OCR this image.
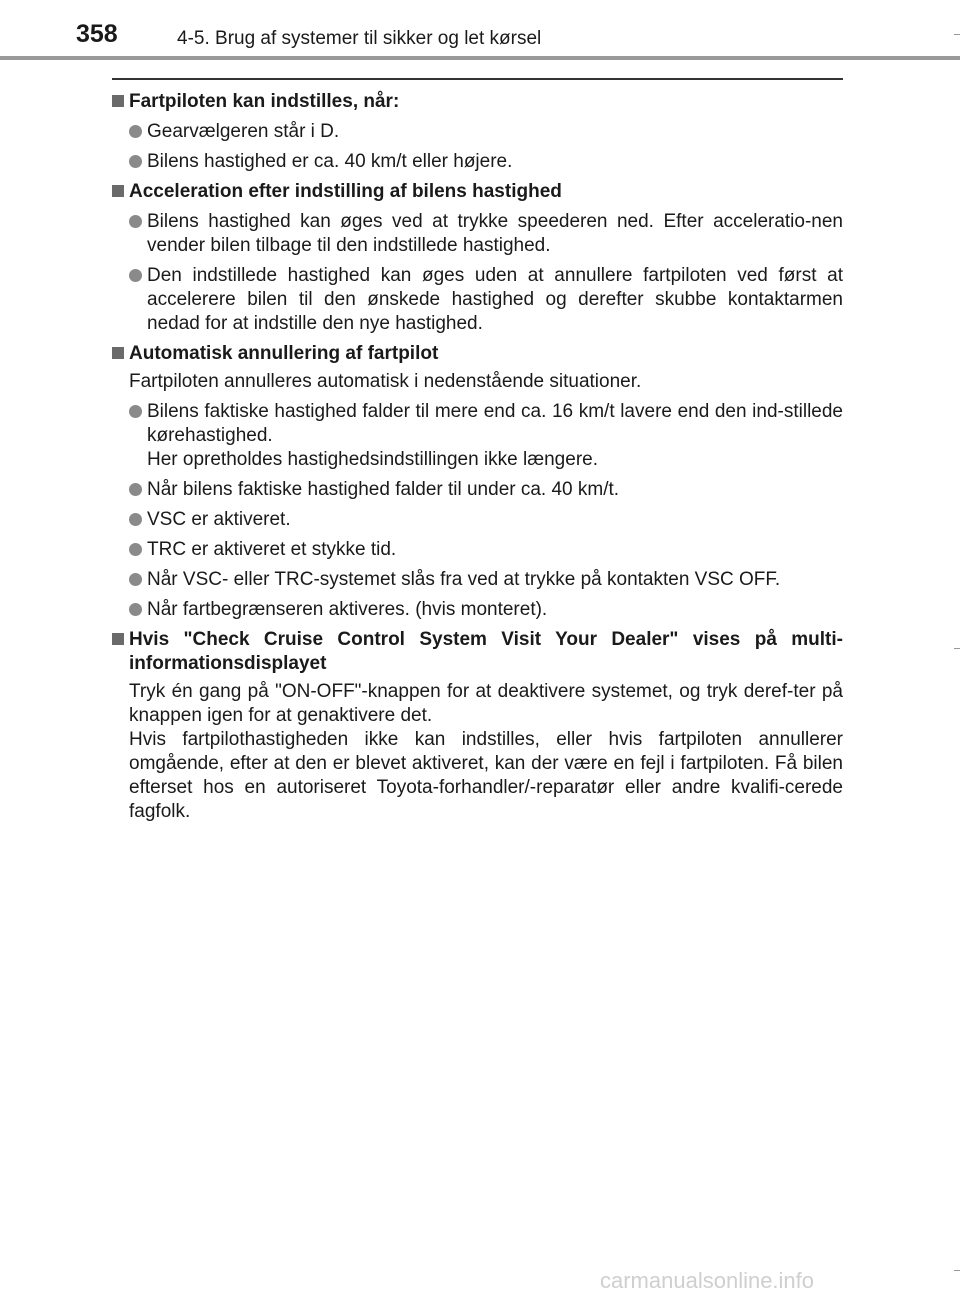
358	4-5. Brug af systemer til sikker og let kørsel
Fartpiloten kan indstilles, når:
Gearvælgeren står i D.
Bilens hastighed er ca. 40 km/t eller højere.
Acceleration efter indstilling af bilens hastighed
Bilens hastighed kan øges ved at trykke speederen ned. Efter acceleratio-nen vender bilen tilbage til den indstillede hastighed.
Den indstillede hastighed kan øges uden at annullere fartpiloten ved først at accelerere bilen til den ønskede hastighed og derefter skubbe kontaktarmen nedad for at indstille den nye hastighed.
Automatisk annullering af fartpilot
Fartpiloten annulleres automatisk i nedenstående situationer.
Bilens faktiske hastighed falder til mere end ca. 16 km/t lavere end den ind-stillede kørehastighed.
Her opretholdes hastighedsindstillingen ikke længere.
Når bilens faktiske hastighed falder til under ca. 40 km/t.
VSC er aktiveret.
TRC er aktiveret et stykke tid.
Når VSC- eller TRC-systemet slås fra ved at trykke på kontakten VSC OFF.
Når fartbegrænseren aktiveres. (hvis monteret).
Hvis "Check Cruise Control System Visit Your Dealer" vises på multi-informationsdisplayet
Tryk én gang på "ON-OFF"-knappen for at deaktivere systemet, og tryk deref-ter på knappen igen for at genaktivere det.
Hvis fartpilothastigheden ikke kan indstilles, eller hvis fartpiloten annullerer omgående, efter at den er blevet aktiveret, kan der være en fejl i fartpiloten. Få bilen efterset hos en autoriseret Toyota-forhandler/-reparatør eller andre kvalifi-cerede fagfolk.
carmanualsonline.info
